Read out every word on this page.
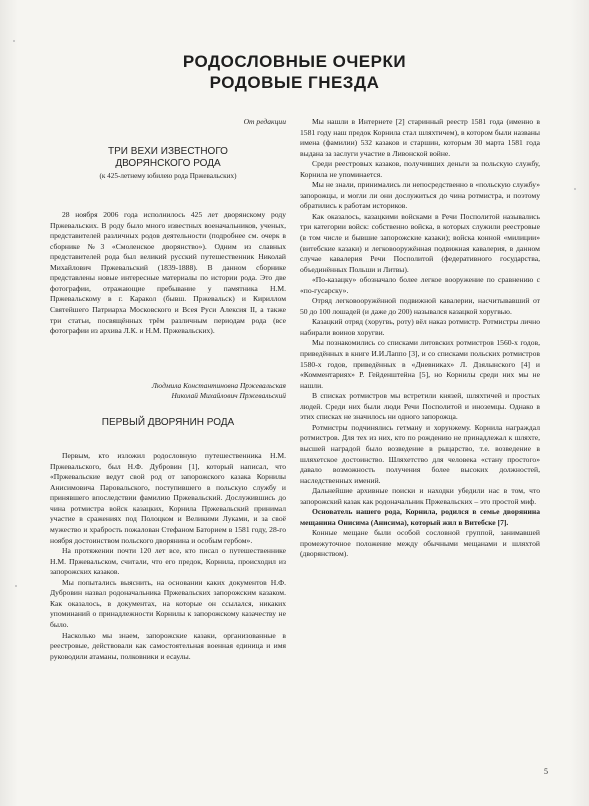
РОДОСЛОВНЫЕ ОЧЕРКИ
РОДОВЫЕ ГНЕЗДА
От редакции
ТРИ ВЕХИ ИЗВЕСТНОГО
ДВОРЯНСКОГО РОДА
(к 425-летнему юбилею рода Пржевальских)

28 ноября 2006 года исполнилось 425 лет дворянскому роду Пржевальских. В роду было много известных военачальников, ученых, представителей различных родов деятельности (подробнее см. очерк в сборнике №3 «Смоленское дворянство»). Одним из славных представителей рода был великий русский путешественник Николай Михайлович Пржевальский (1839-1888). В данном сборнике представлены новые интересные материалы по истории рода. Это две фотографии, отражающие пребывание у памятника Н.М. Пржевальскому в г. Каракол (бывш. Пржевальск) и Кириллом Святейшего Патриарха Московского и Всея Руси Алексия II, а также три статьи, посвящённых трём различным периодам рода (все фотографии из архива Л.К. и Н.М. Пржевальских).

Людмила Константиновна Пржевальская
Николай Михайлович Пржевальский
ПЕРВЫЙ ДВОРЯНИН РОДА

Первым, кто изложил родословную путешественника Н.М. Пржевальского, был Н.Ф. Дубровин [1], который написал, что «Пржевальские ведут свой род от запорожского казака Корнилы Анисимовича Паровальского, поступившего в польскую службу и принявшего впоследствии фамилию Пржевальский. Дослужившись до чина ротмистра войск казацких, Корнила Пржевальский принимал участие в сражениях под Полоцком и Великими Луками, и за своё мужество и храбрость пожалован Стефаном Баторием в 1581 году, 28-го ноября достоинством польского дворянина и особым гербом».

На протяжении почти 120 лет все, кто писал о путешественнике Н.М. Пржевальском, считали, что его предок, Корнила, происходил из запорожских казаков.

Мы попытались выяснить, на основании каких документов Н.Ф. Дубровин назвал родоначальника Пржевальских запорожским казаком. Как оказалось, в документах, на которые он ссылался, никаких упоминаний о принадлежности Корнилы к запорожскому казачеству не было.

Насколько мы знаем, запорожские казаки, организованные в реестровые, действовали как самостоятельная военная единица и имя руководили атаманы, полковники и есаулы.

Мы нашли в Интернете [2] старинный реестр 1581 года (именно в 1581 году наш предок Корнила стал шляхтичем), в котором были названы имена (фамилии) 532 казаков и старшин, которым 30 марта 1581 года выдана за заслуги участие в Ливонской войне.

Среди реестровых казаков, получивших деньги за польскую службу, Корнила не упоминается.

Мы не знали, принимались ли непосредственно в «польскую службу» запорожцы, и могли ли они дослужиться до чина ротмистра, и поэтому обратились к работам историков.

Как оказалось, казацкими войсками в Речи Посполитой назывались три категории войск: собственно войска, в которых служили реестровые (в том числе и бывшие запорожские казаки); войска конной «милиции» (витебские казаки) и легковооружённая подвижная кавалерия, в данном случае кавалерия Речи Посполитой (федеративного государства, объединённых Польши и Литвы).

«По-казацку» обозначало более легкое вооружение по сравнению с «по-гусарску».

Отряд легковооружённой подвижной кавалерии, насчитывавший от 50 до 100 лошадей (и даже до 200) назывался казацкой хоругвью.

Казацкий отряд (хоругвь, роту) вёл наказ ротмистр. Ротмистры лично набирали воинов хоругви.

Мы познакомились со списками литовских ротмистров 1560-х годов, приведённых в книге И.И.Лаппо [3], и со списками польских ротмистров 1580-х годов, приведённых в «Дневниках» Л. Дзялынского [4] и «Комментариях» Р. Гейденштейна [5], но Корнилы среди них мы не нашли.

В списках ротмистров мы встретили князей, шляхтичей и простых людей. Среди них были люди Речи Посполитой и иноземцы. Однако в этих списках не значилось ни одного запорожца.

Ротмистры подчинялись гетману и хорунжему. Корнила награждал ротмистров. Для тех из них, кто по рождению не принадлежал к шляхте, высшей наградой было возведение в рыцарство, т.е. возведение в шляхетское достоинство. Шляхетство для человека «стану простого» давало возможность получения более высоких должностей, наследственных имений.

Дальнейшие архивные поиски и находки убедили нас в том, что запорожский казак как родоначальник Пржевальских – это простой миф.

Основатель нашего рода, Корнила, родился в семье дворянина мещанина Онисима (Анисима), который жил в Витебске [7].

Конные мещане были особой сословной группой, занимавшей промежуточное положение между обычными мещанами и шляхтой (дворянством).

5
